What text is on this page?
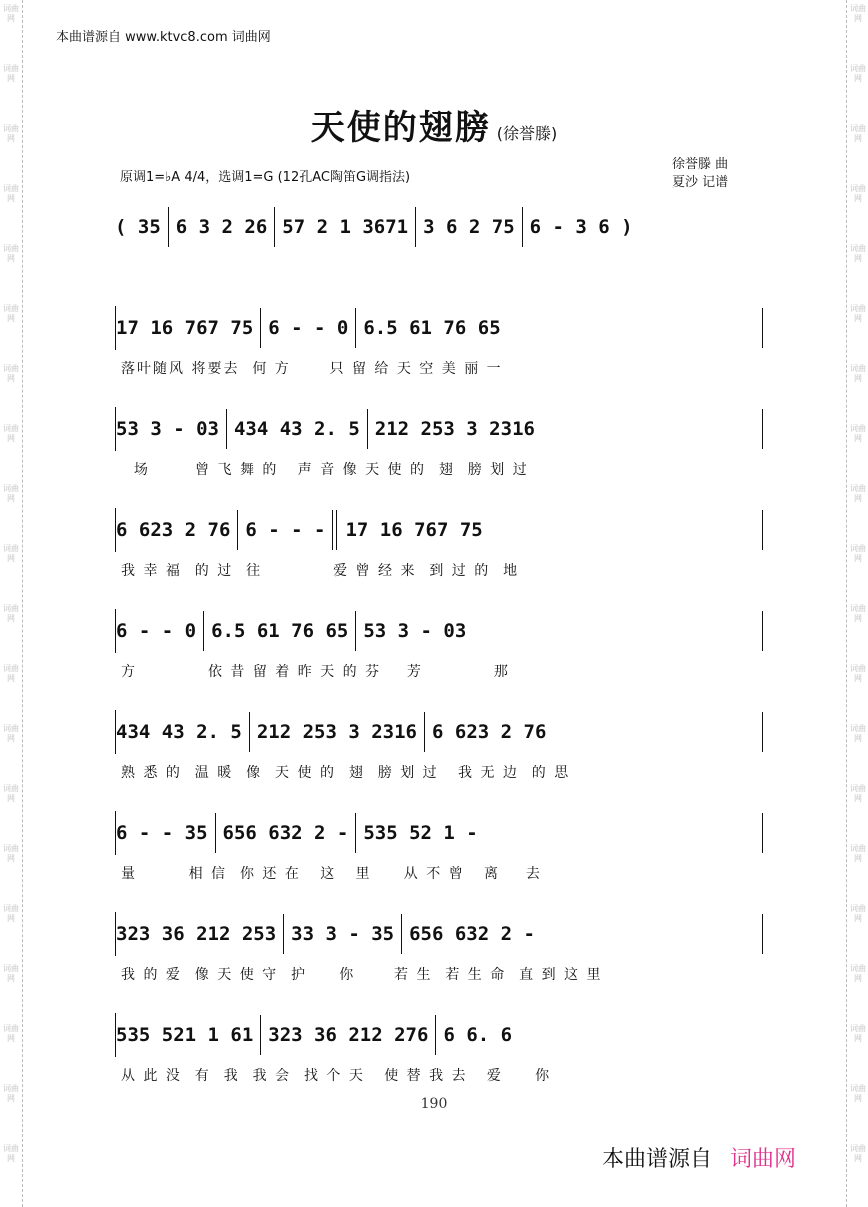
词曲网
词曲网
词曲网
词曲网
词曲网
词曲网
词曲网
词曲网
词曲网
词曲网
词曲网
词曲网
词曲网
词曲网
词曲网
词曲网
词曲网
词曲网
词曲网
词曲网
词曲网
词曲网
词曲网
词曲网
词曲网
词曲网
词曲网
词曲网
词曲网
词曲网
词曲网
词曲网
词曲网
词曲网
词曲网
词曲网
词曲网
词曲网
词曲网
词曲网
本曲谱源自 www.ktvc8.com 词曲网
天使的翅膀 (徐誉滕)
原调1=♭A 4/4，选调1=G (12孔AC陶笛G调指法)
徐誉滕 曲
夏沙 记谱
( 35 6 3 2 26 57 2 1 3671 3 6 2 75 6 - 3 6 )
17 16 767 75 6 - - 0 6.5 61 76 65
落叶随风 将要去  何 方      只 留 给 天 空 美 丽 一
53 3 - 03 434 43 2. 5 212 253 3 2316
场       曾 飞 舞 的   声 音 像 天 使 的  翅  膀 划 过
6 623 2 76 6 - - - 17 16 767 75
我 幸 福  的 过  往           爱 曾 经 来  到 过 的  地
6 - - 0 6.5 61 76 65 53 3 - 03
方           依 昔 留 着 昨 天 的 芬    芳           那
434 43 2. 5 212 253 3 2316 6 623 2 76
熟 悉 的  温 暖  像  天 使 的  翅  膀 划 过   我 无 边  的 思
6 - - 35 656 632 2 - 535 52 1 -
量        相 信  你 还 在   这   里     从 不 曾   离    去
323 36 212 253 33 3 - 35 656 632 2 -
我 的 爱  像 天 使 守  护     你      若 生  若 生 命  直 到 这 里
535 521 1 61 323 36 212 276 6 6. 6
从 此 没  有  我  我 会  找 个 天   使 替 我 去   爱     你
190
本曲谱源自 词曲网
